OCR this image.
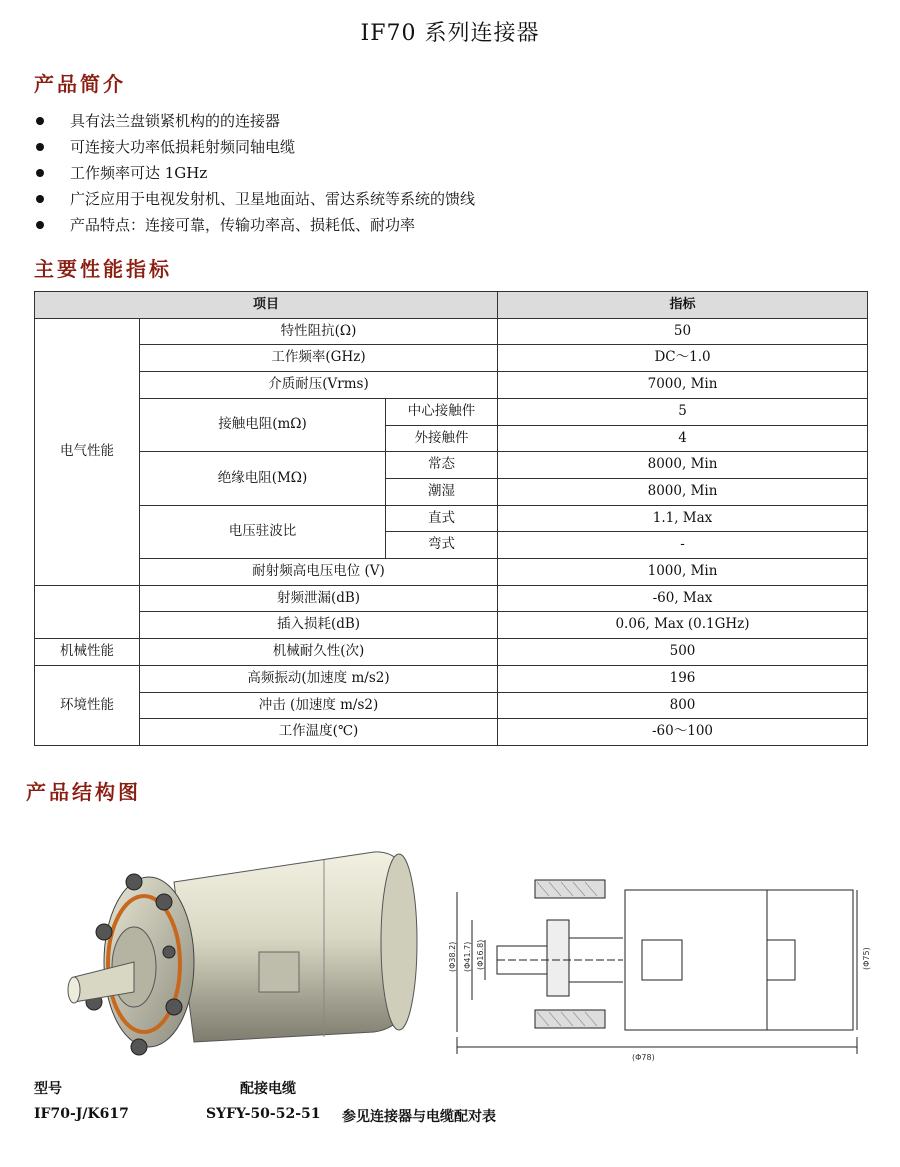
IF70 系列连接器
产品简介
具有法兰盘锁紧机构的的连接器
可连接大功率低损耗射频同轴电缆
工作频率可达 1GHz
广泛应用于电视发射机、卫星地面站、雷达系统等系统的馈线
产品特点：连接可靠，传输功率高、损耗低、耐功率
主要性能指标
项目			指标
电气性能	特性阻抗(Ω)		50
	工作频率(GHz)		DC～1.0
	介质耐压(Vrms)		7000, Min
	接触电阻(mΩ)	中心接触件	5
		外接触件	4
	绝缘电阻(MΩ)	常态	8000, Min
		潮湿	8000, Min
	电压驻波比	直式	1.1, Max
		弯式	-
	耐射频高电压电位 (V)		1000, Min
	射频泄漏(dB)		-60, Max
	插入损耗(dB)		0.06, Max (0.1GHz)
机械性能	机械耐久性(次)		500
环境性能	高频振动(加速度 m/s2)		196
	冲击 (加速度 m/s2)		800
	工作温度(℃)		-60～100
产品结构图
(Φ38.2) (Φ41.7) (Φ16.8)	(Φ75)
(Φ78)
型号	配接电缆
IF70-J/K617	SYFY-50-52-51 参见连接器与电缆配对表
